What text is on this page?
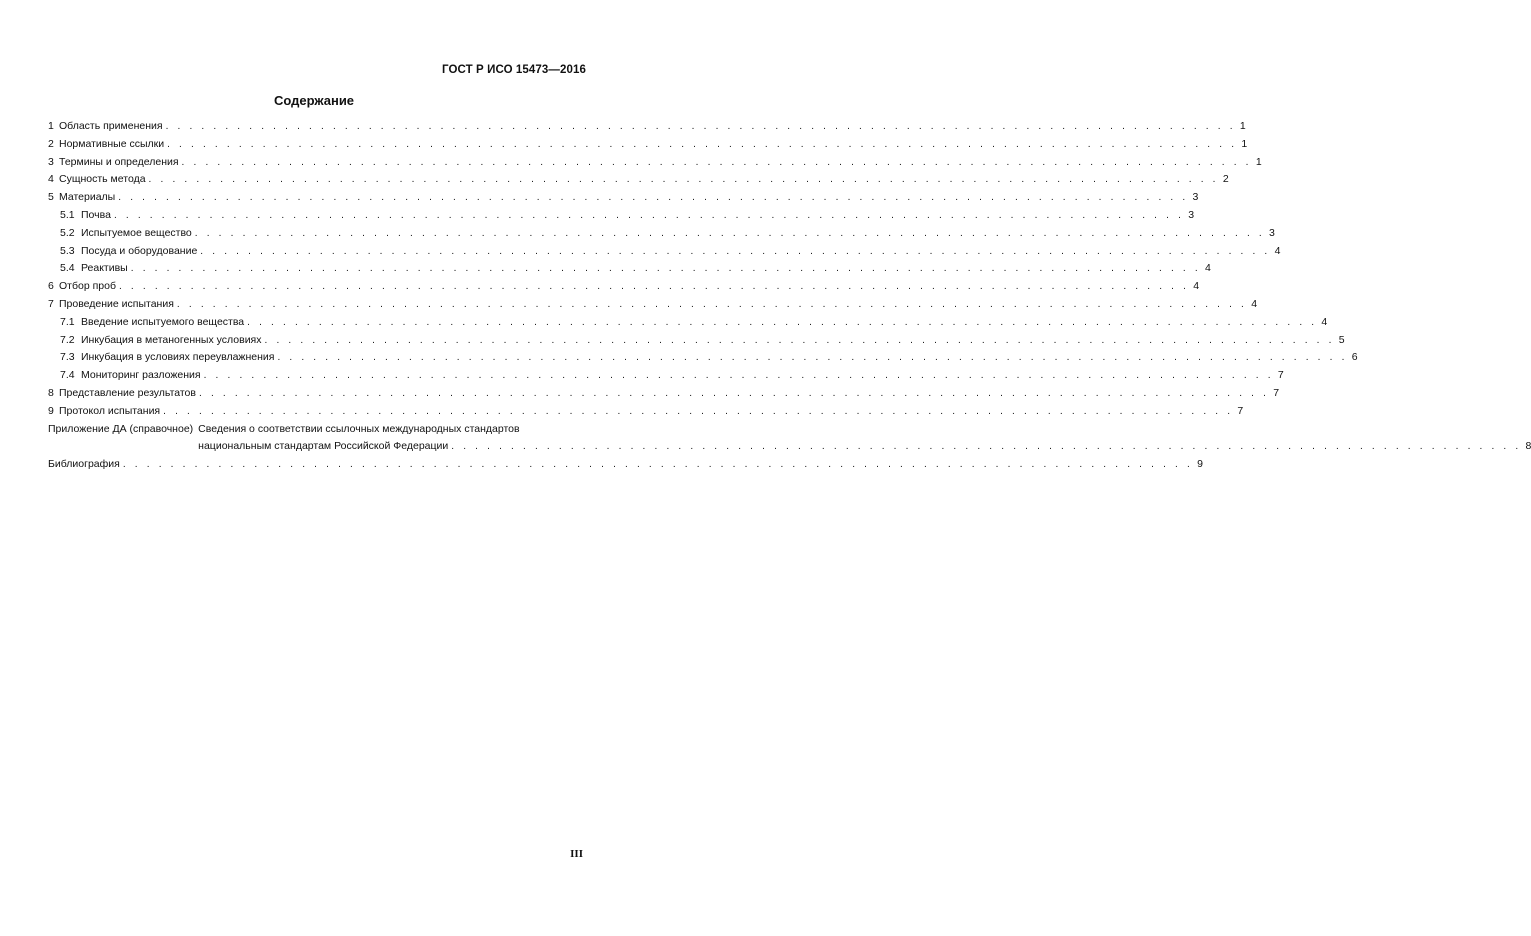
ГОСТ Р ИСО 15473—2016
Содержание
1 Область применения . . .	1
2 Нормативные ссылки . . .	1
3 Термины и определения . . .	1
4 Сущность метода . . .	2
5 Материалы . . .	3
5.1 Почва . . .	3
5.2 Испытуемое вещество . . .	3
5.3 Посуда и оборудование . . .	4
5.4 Реактивы . . .	4
6 Отбор проб . . .	4
7 Проведение испытания . . .	4
7.1 Введение испытуемого вещества . . .	4
7.2 Инкубация в метаногенных условиях . . .	5
7.3 Инкубация в условиях переувлажнения . . .	6
7.4 Мониторинг разложения . . .	7
8 Представление результатов . . .	7
9 Протокол испытания . . .	7
Приложение ДА (справочное) Сведения о соответствии ссылочных международных стандартов
национальным стандартам Российской Федерации . . .	8
Библиография . . .	9
III
